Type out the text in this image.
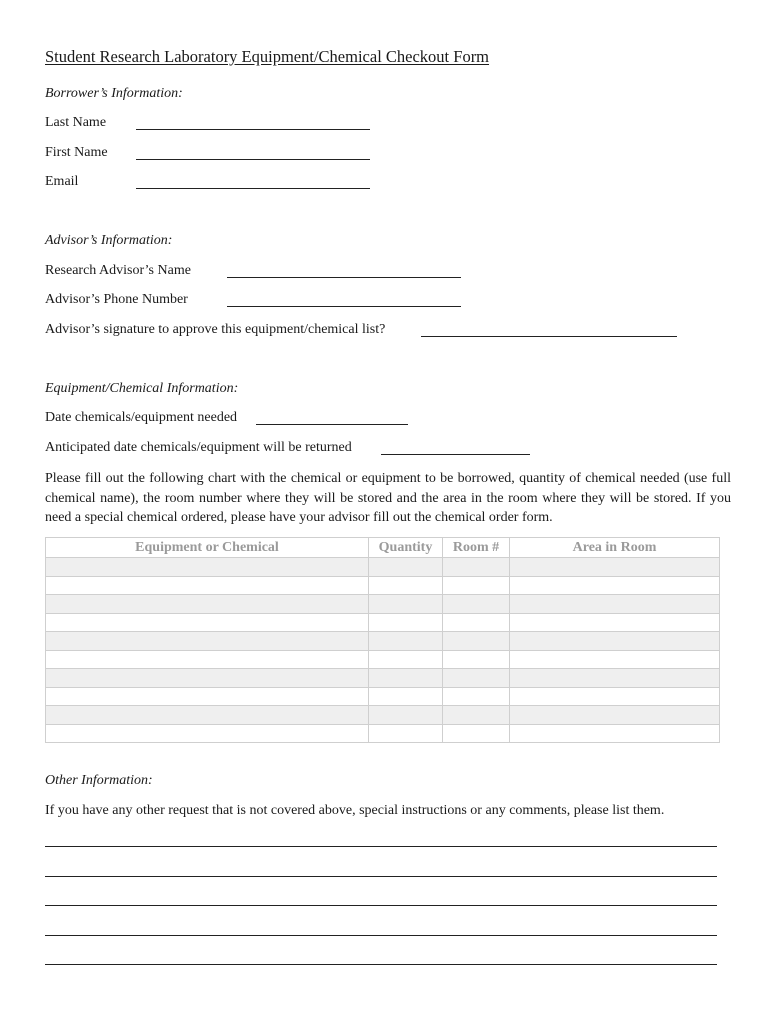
Student Research Laboratory Equipment/Chemical Checkout Form
Borrower’s Information:
Last Name
First Name
Email
Advisor’s Information:
Research Advisor’s Name
Advisor’s Phone Number
Advisor’s signature to approve this equipment/chemical list?
Equipment/Chemical Information:
Date chemicals/equipment needed
Anticipated date chemicals/equipment will be returned
Please fill out the following chart with the chemical or equipment to be borrowed, quantity of chemical needed (use full chemical name), the room number where they will be stored and the area in the room where they will be stored. If you need a special chemical ordered, please have your advisor fill out the chemical order form.
Equipment or Chemical	Quantity	Room #	Area in Room

Other Information:
If you have any other request that is not covered above, special instructions or any comments, please list them.
